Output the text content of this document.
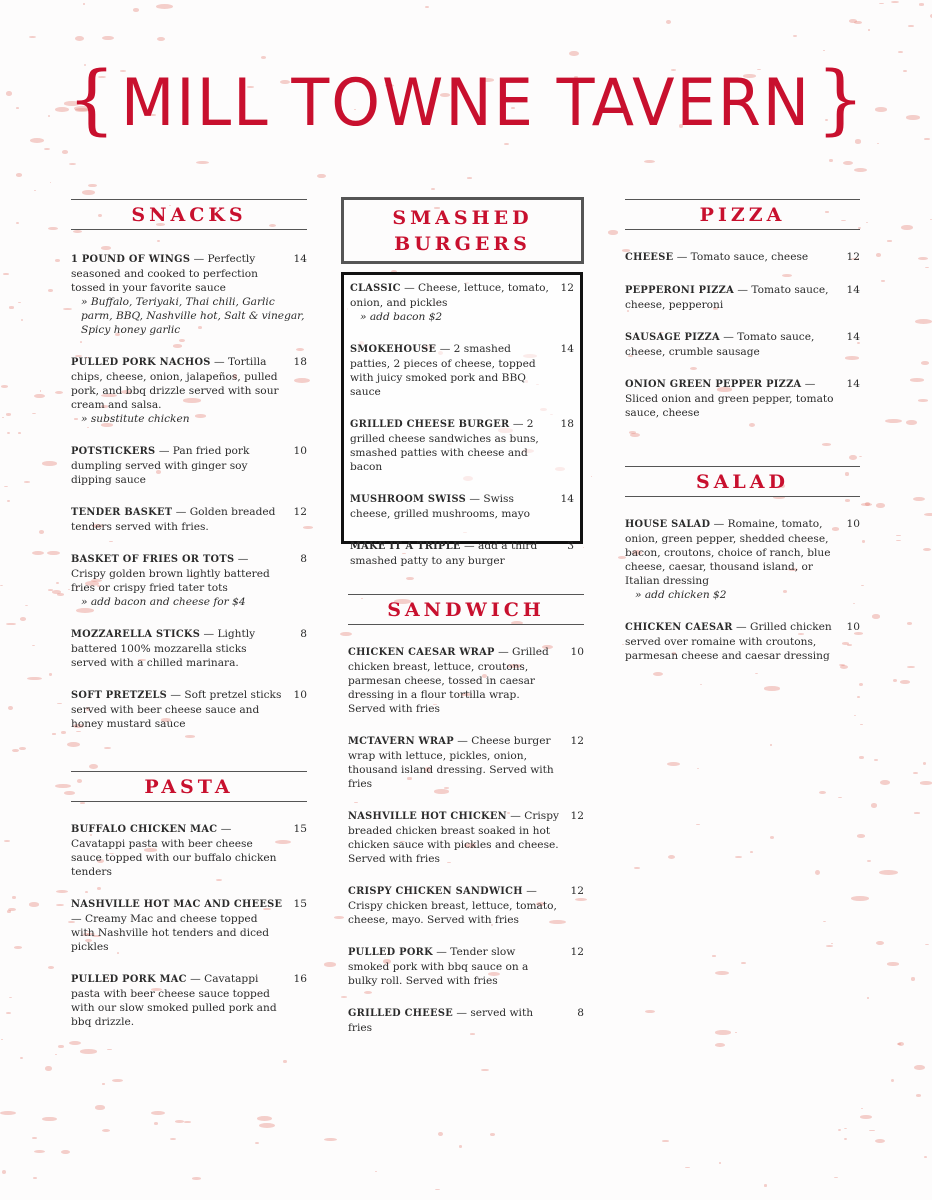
{ MILL TOWNE TAVERN }
SNACKS
1 POUND OF WINGS — Perfectly seasoned and cooked to perfection tossed in your favorite sauce
» Buffalo, Teriyaki, Thai chili, Garlic parm, BBQ, Nashville hot, Salt & vinegar, Spicy honey garlic
14
PULLED PORK NACHOS — Tortilla chips, cheese, onion, jalapeños, pulled pork, and bbq drizzle served with sour cream and salsa.
» substitute chicken
18
POTSTICKERS — Pan fried pork dumpling served with ginger soy dipping sauce
10
TENDER BASKET — Golden breaded tenders served with fries.
12
BASKET OF FRIES OR TOTS — Crispy golden brown lightly battered fries or crispy fried tater tots
» add bacon and cheese for $4
8
MOZZARELLA STICKS — Lightly battered 100% mozzarella sticks served with a chilled marinara.
8
SOFT PRETZELS — Soft pretzel sticks served with beer cheese sauce and honey mustard sauce
10
PASTA
BUFFALO CHICKEN MAC — Cavatappi pasta with beer cheese sauce topped with our buffalo chicken tenders
15
NASHVILLE HOT MAC AND CHEESE — Creamy Mac and cheese topped with Nashville hot tenders and diced pickles
15
PULLED PORK MAC — Cavatappi pasta with beer cheese sauce topped with our slow smoked pulled pork and bbq drizzle.
16
SMASHED
BURGERS
CLASSIC — Cheese, lettuce, tomato, onion, and pickles
» add bacon $2
12
SMOKEHOUSE — 2 smashed patties, 2 pieces of cheese, topped with juicy smoked pork and BBQ sauce
14
GRILLED CHEESE BURGER — 2 grilled cheese sandwiches as buns, smashed patties with cheese and bacon
18
MUSHROOM SWISS — Swiss cheese, grilled mushrooms, mayo
14
MAKE IT A TRIPLE — add a third smashed patty to any burger
3
SANDWICH
CHICKEN CAESAR WRAP — Grilled chicken breast, lettuce, croutons, parmesan cheese, tossed in caesar dressing in a flour tortilla wrap. Served with fries
10
MCTAVERN WRAP — Cheese burger wrap with lettuce, pickles, onion, thousand island dressing. Served with fries
12
NASHVILLE HOT CHICKEN — Crispy breaded chicken breast soaked in hot chicken sauce with pickles and cheese. Served with fries
12
CRISPY CHICKEN SANDWICH — Crispy chicken breast, lettuce, tomato, cheese, mayo. Served with fries
12
PULLED PORK — Tender slow smoked pork with bbq sauce on a bulky roll. Served with fries
12
GRILLED CHEESE — served with fries
8
PIZZA
CHEESE — Tomato sauce, cheese	12
PEPPERONI PIZZA — Tomato sauce, cheese, pepperoni
14
SAUSAGE PIZZA — Tomato sauce, cheese, crumble sausage
14
ONION GREEN PEPPER PIZZA — Sliced onion and green pepper, tomato sauce, cheese
14
SALAD
HOUSE SALAD — Romaine, tomato, onion, green pepper, shedded cheese, bacon, croutons, choice of ranch, blue cheese, caesar, thousand island, or Italian dressing
» add chicken $2
10
CHICKEN CAESAR — Grilled chicken served over romaine with croutons, parmesan cheese and caesar dressing
10
